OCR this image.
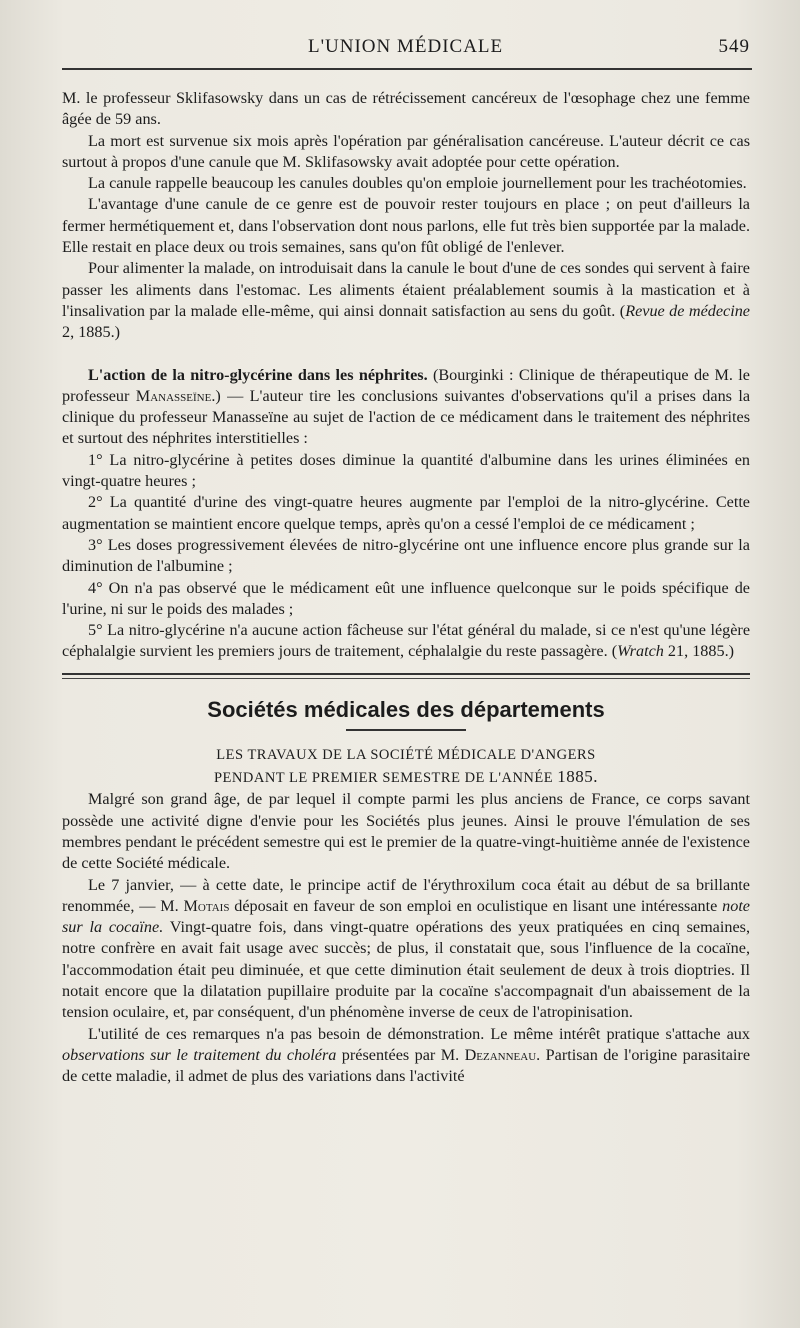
L'UNION MÉDICALE	549

M. le professeur Sklifasowsky dans un cas de rétrécissement cancéreux de l'œsophage chez une femme âgée de 59 ans.

La mort est survenue six mois après l'opération par généralisation cancéreuse. L'auteur décrit ce cas surtout à propos d'une canule que M. Sklifasowsky avait adoptée pour cette opération.

La canule rappelle beaucoup les canules doubles qu'on emploie journellement pour les trachéotomies.

L'avantage d'une canule de ce genre est de pouvoir rester toujours en place ; on peut d'ailleurs la fermer hermétiquement et, dans l'observation dont nous parlons, elle fut très bien supportée par la malade. Elle restait en place deux ou trois semaines, sans qu'on fût obligé de l'enlever.

Pour alimenter la malade, on introduisait dans la canule le bout d'une de ces sondes qui servent à faire passer les aliments dans l'estomac. Les aliments étaient préalablement soumis à la mastication et à l'insalivation par la malade elle-même, qui ainsi donnait satisfaction au sens du goût. (Revue de médecine 2, 1885.)

L'action de la nitro-glycérine dans les néphrites. (Bourginki : Clinique de thérapeutique de M. le professeur Manasseïne.) — L'auteur tire les conclusions suivantes d'observations qu'il a prises dans la clinique du professeur Manasseïne au sujet de l'action de ce médicament dans le traitement des néphrites et surtout des néphrites interstitielles :

1° La nitro-glycérine à petites doses diminue la quantité d'albumine dans les urines éliminées en vingt-quatre heures ;

2° La quantité d'urine des vingt-quatre heures augmente par l'emploi de la nitro-glycérine. Cette augmentation se maintient encore quelque temps, après qu'on a cessé l'emploi de ce médicament ;

3° Les doses progressivement élevées de nitro-glycérine ont une influence encore plus grande sur la diminution de l'albumine ;

4° On n'a pas observé que le médicament eût une influence quelconque sur le poids spécifique de l'urine, ni sur le poids des malades ;

5° La nitro-glycérine n'a aucune action fâcheuse sur l'état général du malade, si ce n'est qu'une légère céphalalgie survient les premiers jours de traitement, céphalalgie du reste passagère. (Wratch 21, 1885.)

Sociétés médicales des départements

LES TRAVAUX DE LA SOCIÉTÉ MÉDICALE D'ANGERS

PENDANT LE PREMIER SEMESTRE DE L'ANNÉE 1885.

Malgré son grand âge, de par lequel il compte parmi les plus anciens de France, ce corps savant possède une activité digne d'envie pour les Sociétés plus jeunes. Ainsi le prouve l'émulation de ses membres pendant le précédent semestre qui est le premier de la quatre-vingt-huitième année de l'existence de cette Société médicale.

Le 7 janvier, — à cette date, le principe actif de l'érythroxilum coca était au début de sa brillante renommée, — M. Motais déposait en faveur de son emploi en oculistique en lisant une intéressante note sur la cocaïne. Vingt-quatre fois, dans vingt-quatre opérations des yeux pratiquées en cinq semaines, notre confrère en avait fait usage avec succès; de plus, il constatait que, sous l'influence de la cocaïne, l'accommodation était peu diminuée, et que cette diminution était seulement de deux à trois dioptries. Il notait encore que la dilatation pupillaire produite par la cocaïne s'accompagnait d'un abaissement de la tension oculaire, et, par conséquent, d'un phénomène inverse de ceux de l'atropinisation.

L'utilité de ces remarques n'a pas besoin de démonstration. Le même intérêt pratique s'attache aux observations sur le traitement du choléra présentées par M. Dezanneau. Partisan de l'origine parasitaire de cette maladie, il admet de plus des variations dans l'activité
